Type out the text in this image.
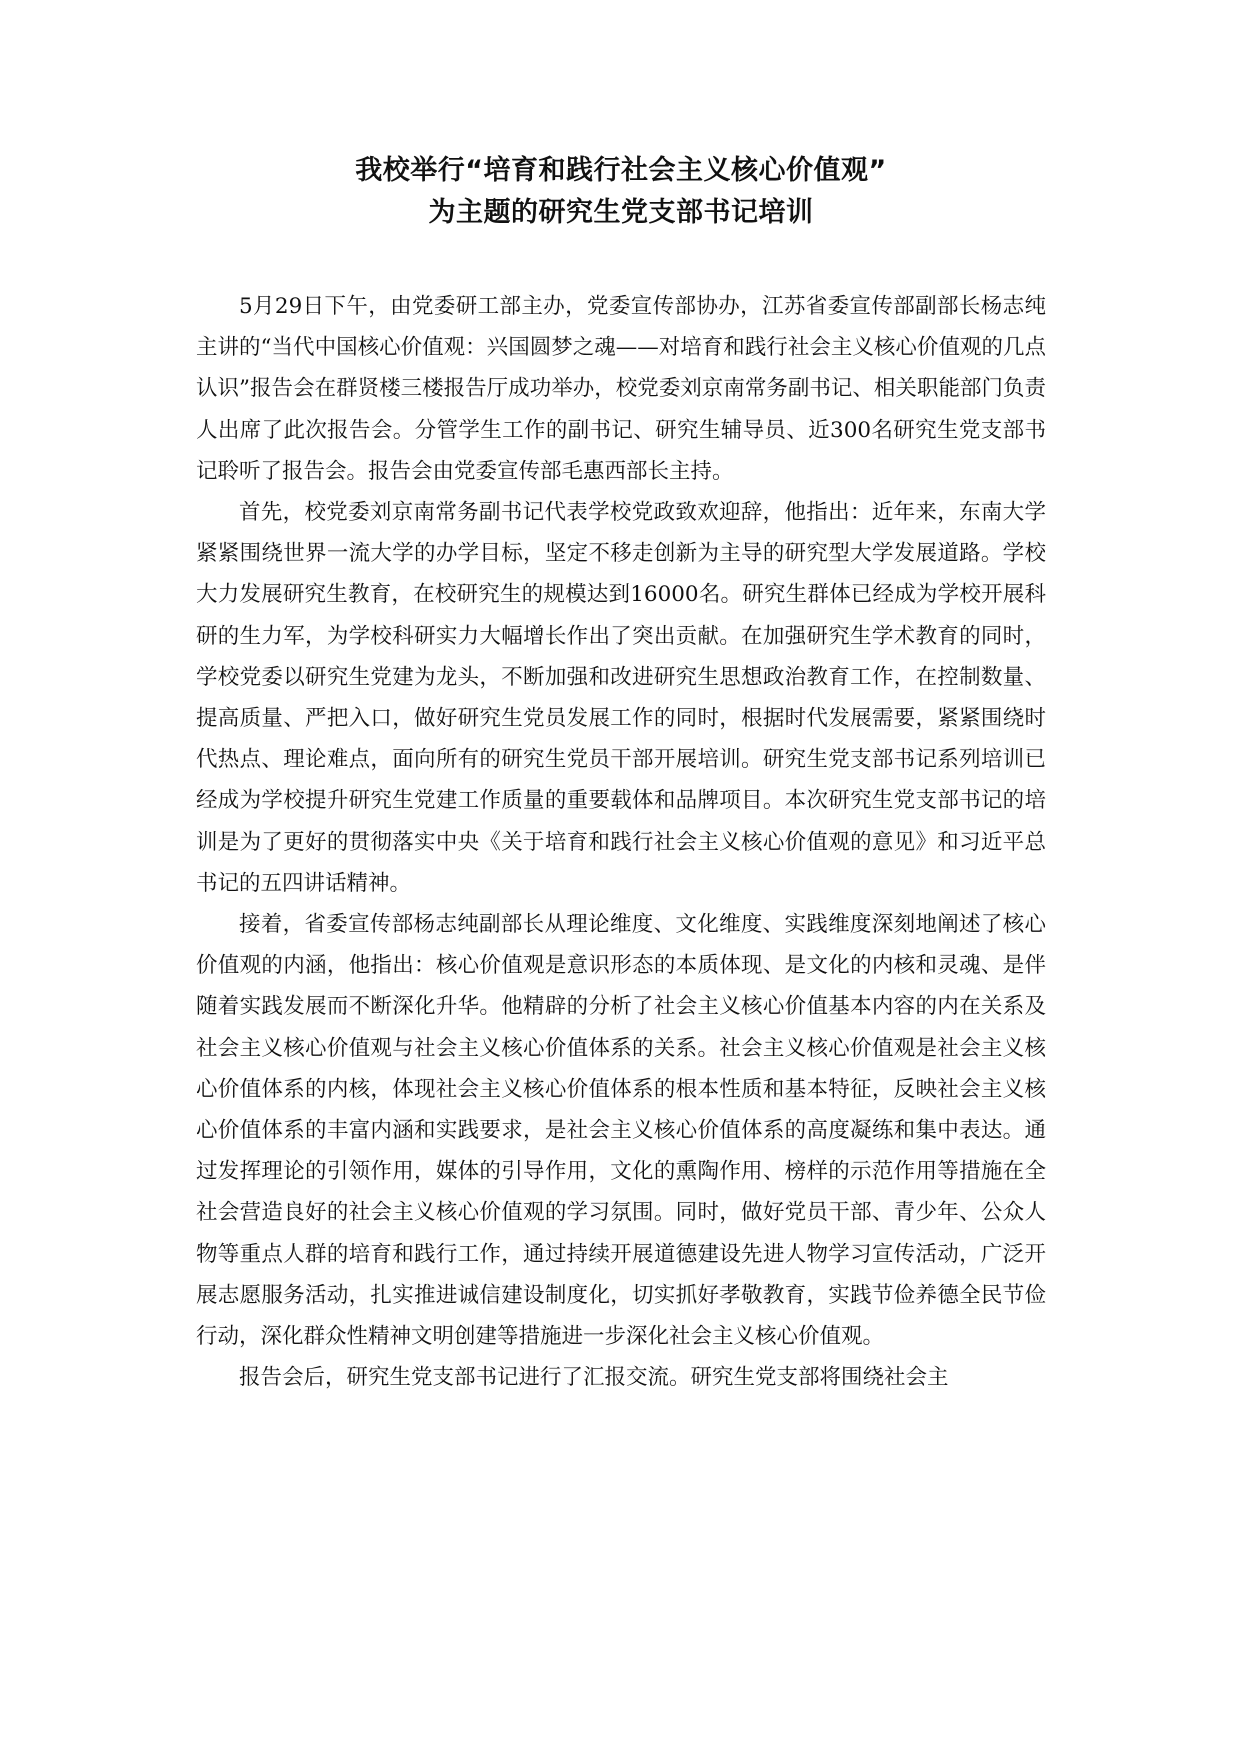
我校举行“培育和践行社会主义核心价值观”
为主题的研究生党支部书记培训

5月29日下午，由党委研工部主办，党委宣传部协办，江苏省委宣传部副部长杨志纯主讲的“当代中国核心价值观：兴国圆梦之魂——对培育和践行社会主义核心价值观的几点认识”报告会在群贤楼三楼报告厅成功举办，校党委刘京南常务副书记、相关职能部门负责人出席了此次报告会。分管学生工作的副书记、研究生辅导员、近300名研究生党支部书记聆听了报告会。报告会由党委宣传部毛惠西部长主持。

首先，校党委刘京南常务副书记代表学校党政致欢迎辞，他指出：近年来，东南大学紧紧围绕世界一流大学的办学目标，坚定不移走创新为主导的研究型大学发展道路。学校大力发展研究生教育，在校研究生的规模达到16000名。研究生群体已经成为学校开展科研的生力军，为学校科研实力大幅增长作出了突出贡献。在加强研究生学术教育的同时，学校党委以研究生党建为龙头，不断加强和改进研究生思想政治教育工作，在控制数量、提高质量、严把入口，做好研究生党员发展工作的同时，根据时代发展需要，紧紧围绕时代热点、理论难点，面向所有的研究生党员干部开展培训。研究生党支部书记系列培训已经成为学校提升研究生党建工作质量的重要载体和品牌项目。本次研究生党支部书记的培训是为了更好的贯彻落实中央《关于培育和践行社会主义核心价值观的意见》和习近平总书记的五四讲话精神。

接着，省委宣传部杨志纯副部长从理论维度、文化维度、实践维度深刻地阐述了核心价值观的内涵，他指出：核心价值观是意识形态的本质体现、是文化的内核和灵魂、是伴随着实践发展而不断深化升华。他精辟的分析了社会主义核心价值基本内容的内在关系及社会主义核心价值观与社会主义核心价值体系的关系。社会主义核心价值观是社会主义核心价值体系的内核，体现社会主义核心价值体系的根本性质和基本特征，反映社会主义核心价值体系的丰富内涵和实践要求，是社会主义核心价值体系的高度凝练和集中表达。通过发挥理论的引领作用，媒体的引导作用，文化的熏陶作用、榜样的示范作用等措施在全社会营造良好的社会主义核心价值观的学习氛围。同时，做好党员干部、青少年、公众人物等重点人群的培育和践行工作，通过持续开展道德建设先进人物学习宣传活动，广泛开展志愿服务活动，扎实推进诚信建设制度化，切实抓好孝敬教育，实践节俭养德全民节俭行动，深化群众性精神文明创建等措施进一步深化社会主义核心价值观。

报告会后，研究生党支部书记进行了汇报交流。研究生党支部将围绕社会主
